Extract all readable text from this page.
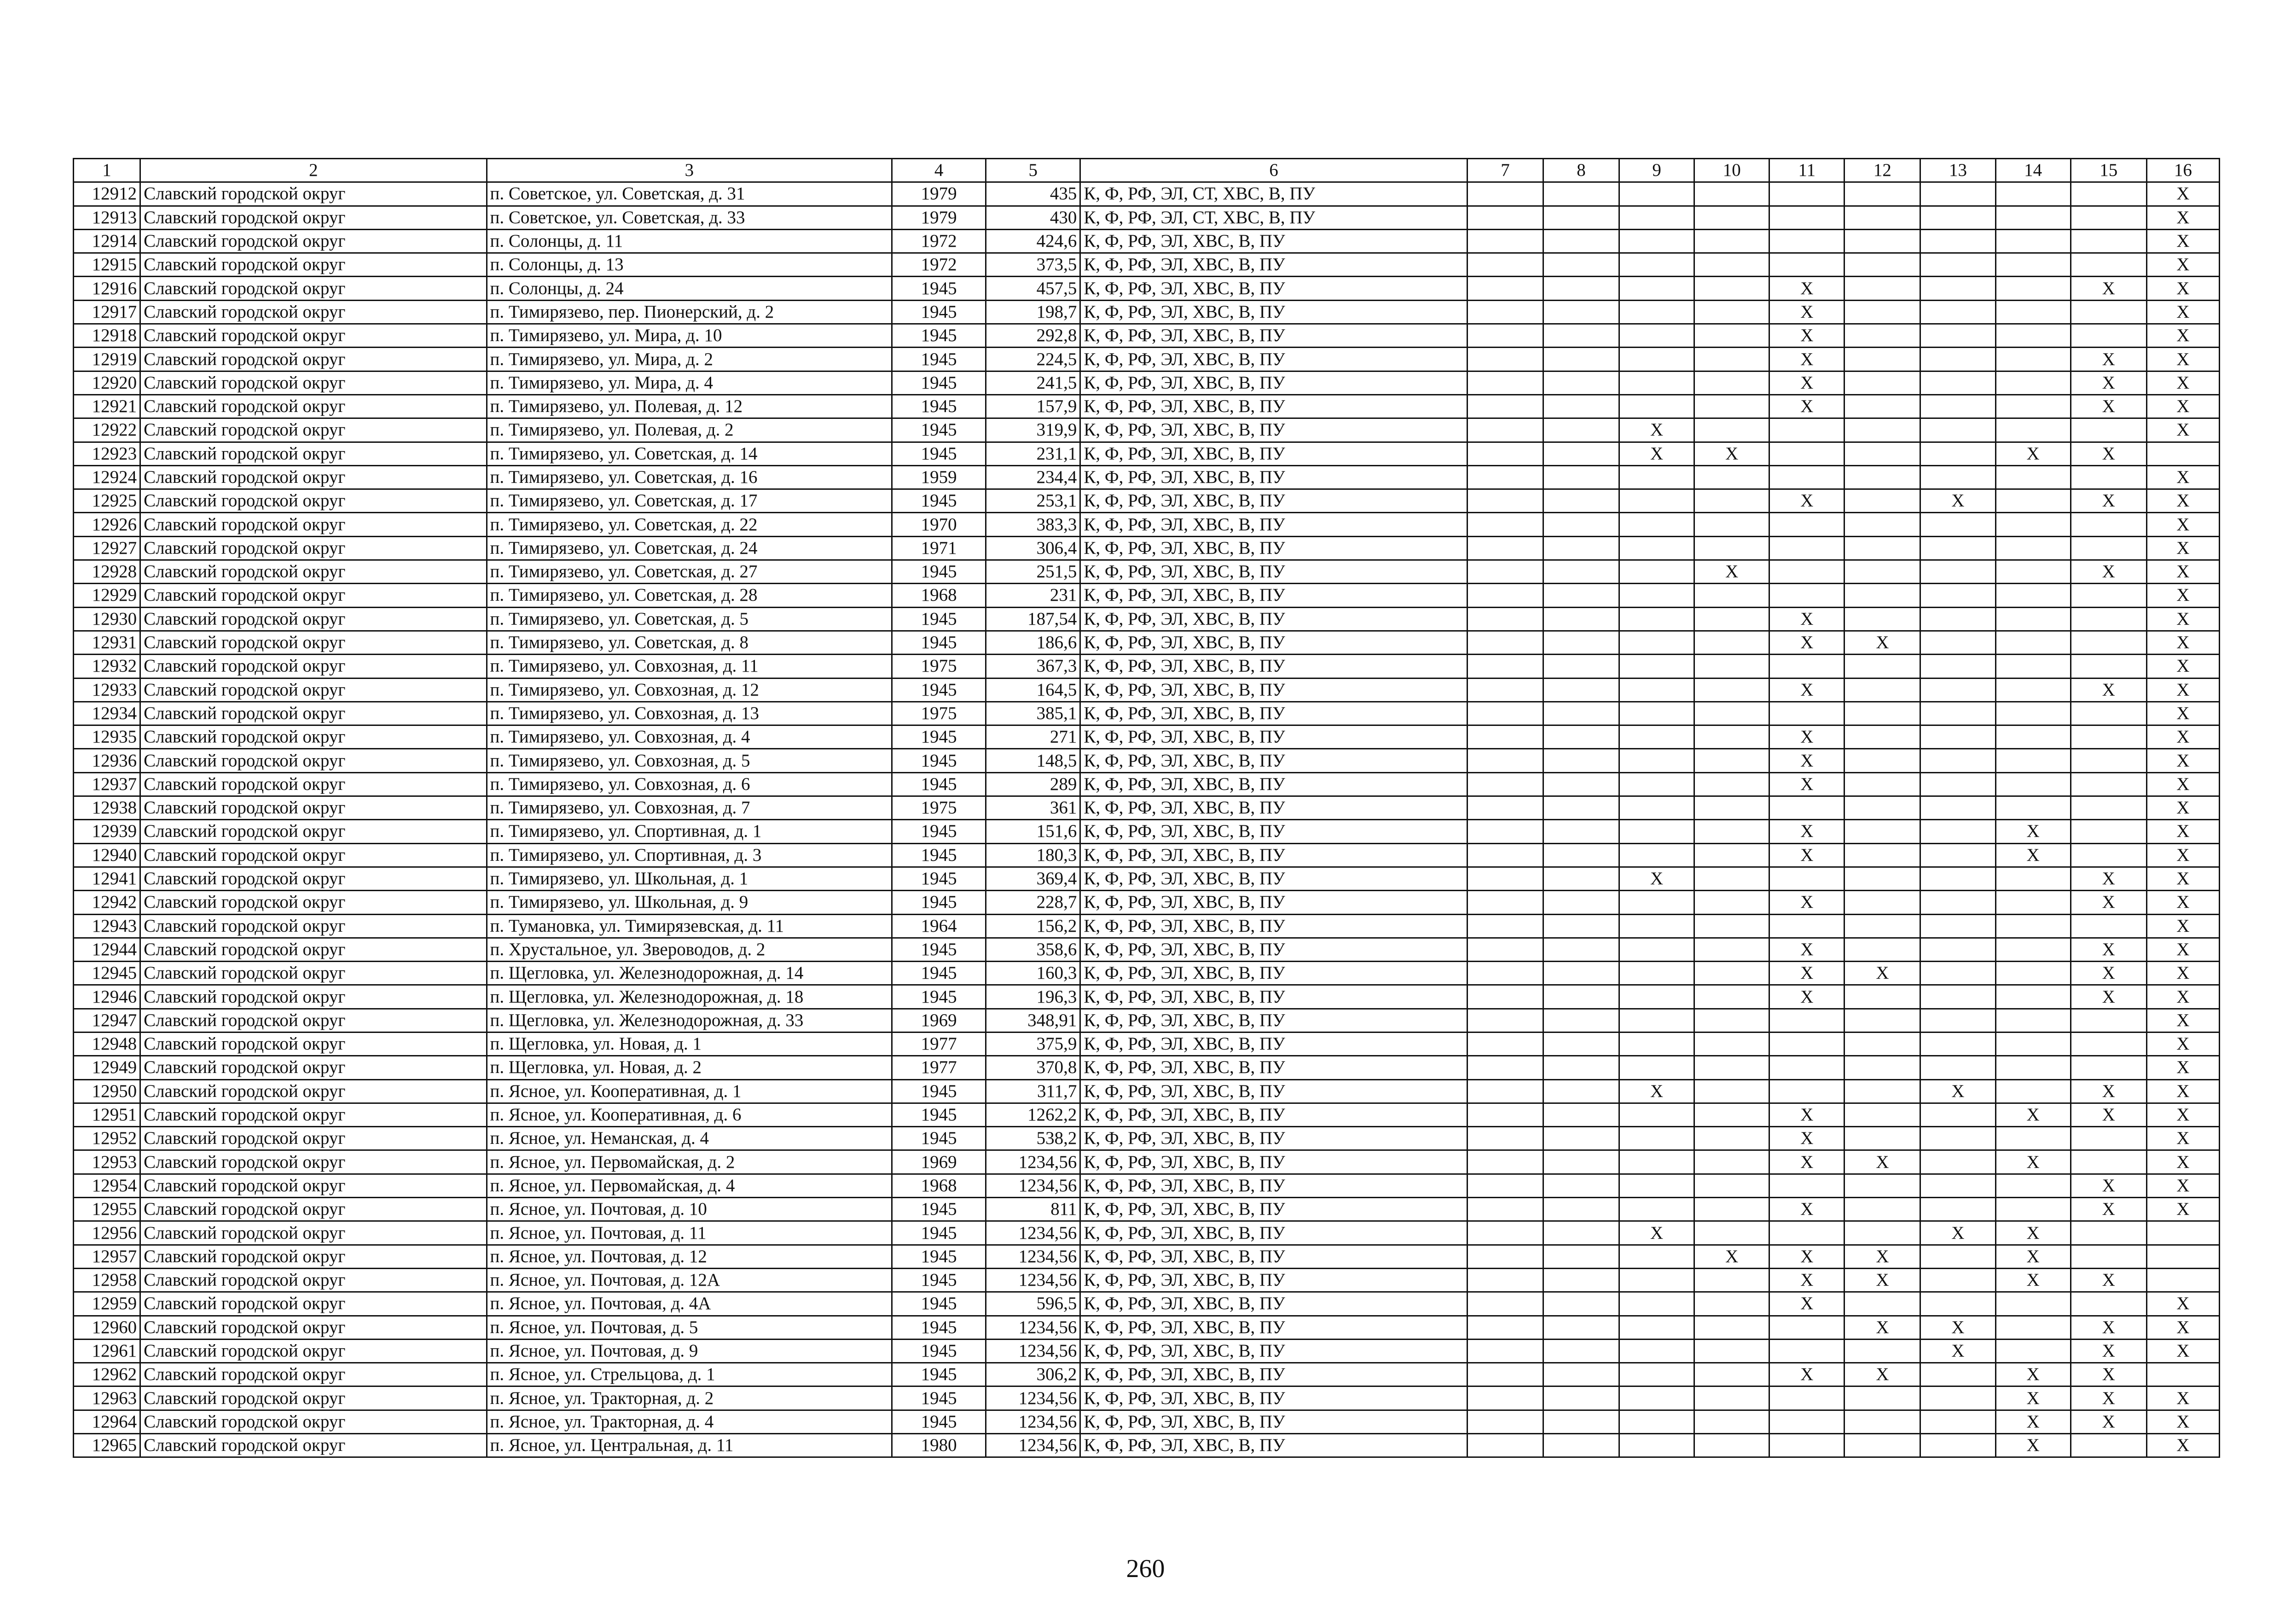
1	2	3	4	5	6	7	8	9	10	11	12	13	14	15	16
12912	Славский городской округ	п. Советское, ул. Советская, д. 31	1979	435	К, Ф, РФ, ЭЛ, СТ, ХВС, В, ПУ										X
12913	Славский городской округ	п. Советское, ул. Советская, д. 33	1979	430	К, Ф, РФ, ЭЛ, СТ, ХВС, В, ПУ										X
12914	Славский городской округ	п. Солонцы, д. 11	1972	424,6	К, Ф, РФ, ЭЛ, ХВС, В, ПУ										X
12915	Славский городской округ	п. Солонцы, д. 13	1972	373,5	К, Ф, РФ, ЭЛ, ХВС, В, ПУ										X
12916	Славский городской округ	п. Солонцы, д. 24	1945	457,5	К, Ф, РФ, ЭЛ, ХВС, В, ПУ					X				X	X
12917	Славский городской округ	п. Тимирязево, пер. Пионерский, д. 2	1945	198,7	К, Ф, РФ, ЭЛ, ХВС, В, ПУ					X					X
12918	Славский городской округ	п. Тимирязево, ул. Мира, д. 10	1945	292,8	К, Ф, РФ, ЭЛ, ХВС, В, ПУ					X					X
12919	Славский городской округ	п. Тимирязево, ул. Мира, д. 2	1945	224,5	К, Ф, РФ, ЭЛ, ХВС, В, ПУ					X				X	X
12920	Славский городской округ	п. Тимирязево, ул. Мира, д. 4	1945	241,5	К, Ф, РФ, ЭЛ, ХВС, В, ПУ					X				X	X
12921	Славский городской округ	п. Тимирязево, ул. Полевая, д. 12	1945	157,9	К, Ф, РФ, ЭЛ, ХВС, В, ПУ					X				X	X
12922	Славский городской округ	п. Тимирязево, ул. Полевая, д. 2	1945	319,9	К, Ф, РФ, ЭЛ, ХВС, В, ПУ			X							X
12923	Славский городской округ	п. Тимирязево, ул. Советская, д. 14	1945	231,1	К, Ф, РФ, ЭЛ, ХВС, В, ПУ			X	X				X	X	
12924	Славский городской округ	п. Тимирязево, ул. Советская, д. 16	1959	234,4	К, Ф, РФ, ЭЛ, ХВС, В, ПУ										X
12925	Славский городской округ	п. Тимирязево, ул. Советская, д. 17	1945	253,1	К, Ф, РФ, ЭЛ, ХВС, В, ПУ					X		X		X	X
12926	Славский городской округ	п. Тимирязево, ул. Советская, д. 22	1970	383,3	К, Ф, РФ, ЭЛ, ХВС, В, ПУ										X
12927	Славский городской округ	п. Тимирязево, ул. Советская, д. 24	1971	306,4	К, Ф, РФ, ЭЛ, ХВС, В, ПУ										X
12928	Славский городской округ	п. Тимирязево, ул. Советская, д. 27	1945	251,5	К, Ф, РФ, ЭЛ, ХВС, В, ПУ				X					X	X
12929	Славский городской округ	п. Тимирязево, ул. Советская, д. 28	1968	231	К, Ф, РФ, ЭЛ, ХВС, В, ПУ										X
12930	Славский городской округ	п. Тимирязево, ул. Советская, д. 5	1945	187,54	К, Ф, РФ, ЭЛ, ХВС, В, ПУ					X					X
12931	Славский городской округ	п. Тимирязево, ул. Советская, д. 8	1945	186,6	К, Ф, РФ, ЭЛ, ХВС, В, ПУ					X	X				X
12932	Славский городской округ	п. Тимирязево, ул. Совхозная, д. 11	1975	367,3	К, Ф, РФ, ЭЛ, ХВС, В, ПУ										X
12933	Славский городской округ	п. Тимирязево, ул. Совхозная, д. 12	1945	164,5	К, Ф, РФ, ЭЛ, ХВС, В, ПУ					X				X	X
12934	Славский городской округ	п. Тимирязево, ул. Совхозная, д. 13	1975	385,1	К, Ф, РФ, ЭЛ, ХВС, В, ПУ										X
12935	Славский городской округ	п. Тимирязево, ул. Совхозная, д. 4	1945	271	К, Ф, РФ, ЭЛ, ХВС, В, ПУ					X					X
12936	Славский городской округ	п. Тимирязево, ул. Совхозная, д. 5	1945	148,5	К, Ф, РФ, ЭЛ, ХВС, В, ПУ					X					X
12937	Славский городской округ	п. Тимирязево, ул. Совхозная, д. 6	1945	289	К, Ф, РФ, ЭЛ, ХВС, В, ПУ					X					X
12938	Славский городской округ	п. Тимирязево, ул. Совхозная, д. 7	1975	361	К, Ф, РФ, ЭЛ, ХВС, В, ПУ										X
12939	Славский городской округ	п. Тимирязево, ул. Спортивная, д. 1	1945	151,6	К, Ф, РФ, ЭЛ, ХВС, В, ПУ					X			X		X
12940	Славский городской округ	п. Тимирязево, ул. Спортивная, д. 3	1945	180,3	К, Ф, РФ, ЭЛ, ХВС, В, ПУ					X			X		X
12941	Славский городской округ	п. Тимирязево, ул. Школьная, д. 1	1945	369,4	К, Ф, РФ, ЭЛ, ХВС, В, ПУ			X						X	X
12942	Славский городской округ	п. Тимирязево, ул. Школьная, д. 9	1945	228,7	К, Ф, РФ, ЭЛ, ХВС, В, ПУ					X				X	X
12943	Славский городской округ	п. Тумановка, ул. Тимирязевская, д. 11	1964	156,2	К, Ф, РФ, ЭЛ, ХВС, В, ПУ										X
12944	Славский городской округ	п. Хрустальное, ул. Звероводов, д. 2	1945	358,6	К, Ф, РФ, ЭЛ, ХВС, В, ПУ					X				X	X
12945	Славский городской округ	п. Щегловка, ул. Железнодорожная, д. 14	1945	160,3	К, Ф, РФ, ЭЛ, ХВС, В, ПУ					X	X			X	X
12946	Славский городской округ	п. Щегловка, ул. Железнодорожная, д. 18	1945	196,3	К, Ф, РФ, ЭЛ, ХВС, В, ПУ					X				X	X
12947	Славский городской округ	п. Щегловка, ул. Железнодорожная, д. 33	1969	348,91	К, Ф, РФ, ЭЛ, ХВС, В, ПУ										X
12948	Славский городской округ	п. Щегловка, ул. Новая, д. 1	1977	375,9	К, Ф, РФ, ЭЛ, ХВС, В, ПУ										X
12949	Славский городской округ	п. Щегловка, ул. Новая, д. 2	1977	370,8	К, Ф, РФ, ЭЛ, ХВС, В, ПУ										X
12950	Славский городской округ	п. Ясное, ул. Кооперативная, д. 1	1945	311,7	К, Ф, РФ, ЭЛ, ХВС, В, ПУ			X				X		X	X
12951	Славский городской округ	п. Ясное, ул. Кооперативная, д. 6	1945	1262,2	К, Ф, РФ, ЭЛ, ХВС, В, ПУ					X			X	X	X
12952	Славский городской округ	п. Ясное, ул. Неманская, д. 4	1945	538,2	К, Ф, РФ, ЭЛ, ХВС, В, ПУ					X					X
12953	Славский городской округ	п. Ясное, ул. Первомайская, д. 2	1969	1234,56	К, Ф, РФ, ЭЛ, ХВС, В, ПУ					X	X		X		X
12954	Славский городской округ	п. Ясное, ул. Первомайская, д. 4	1968	1234,56	К, Ф, РФ, ЭЛ, ХВС, В, ПУ									X	X
12955	Славский городской округ	п. Ясное, ул. Почтовая, д. 10	1945	811	К, Ф, РФ, ЭЛ, ХВС, В, ПУ					X				X	X
12956	Славский городской округ	п. Ясное, ул. Почтовая, д. 11	1945	1234,56	К, Ф, РФ, ЭЛ, ХВС, В, ПУ			X				X	X		
12957	Славский городской округ	п. Ясное, ул. Почтовая, д. 12	1945	1234,56	К, Ф, РФ, ЭЛ, ХВС, В, ПУ				X	X	X		X		
12958	Славский городской округ	п. Ясное, ул. Почтовая, д. 12А	1945	1234,56	К, Ф, РФ, ЭЛ, ХВС, В, ПУ					X	X		X	X	
12959	Славский городской округ	п. Ясное, ул. Почтовая, д. 4А	1945	596,5	К, Ф, РФ, ЭЛ, ХВС, В, ПУ					X					X
12960	Славский городской округ	п. Ясное, ул. Почтовая, д. 5	1945	1234,56	К, Ф, РФ, ЭЛ, ХВС, В, ПУ						X	X		X	X
12961	Славский городской округ	п. Ясное, ул. Почтовая, д. 9	1945	1234,56	К, Ф, РФ, ЭЛ, ХВС, В, ПУ							X		X	X
12962	Славский городской округ	п. Ясное, ул. Стрельцова, д. 1	1945	306,2	К, Ф, РФ, ЭЛ, ХВС, В, ПУ					X	X		X	X	
12963	Славский городской округ	п. Ясное, ул. Тракторная, д. 2	1945	1234,56	К, Ф, РФ, ЭЛ, ХВС, В, ПУ								X	X	X
12964	Славский городской округ	п. Ясное, ул. Тракторная, д. 4	1945	1234,56	К, Ф, РФ, ЭЛ, ХВС, В, ПУ								X	X	X
12965	Славский городской округ	п. Ясное, ул. Центральная, д. 11	1980	1234,56	К, Ф, РФ, ЭЛ, ХВС, В, ПУ								X		X
260
